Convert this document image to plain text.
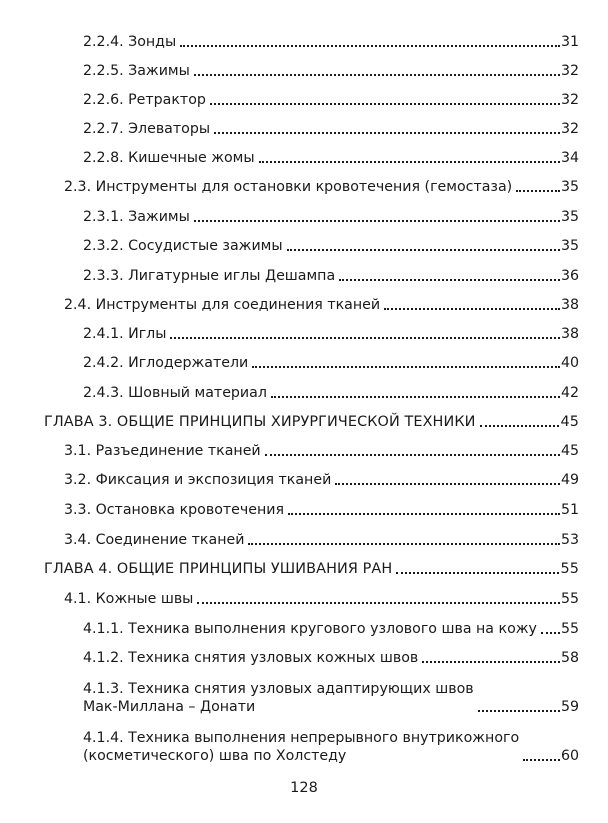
2.2.4. Зонды	31
2.2.5. Зажимы	32
2.2.6. Ретрактор	32
2.2.7. Элеваторы	32
2.2.8. Кишечные жомы	34
2.3. Инструменты для остановки кровотечения (гемостаза)	35
2.3.1. Зажимы	35
2.3.2. Сосудистые зажимы	35
2.3.3. Лигатурные иглы Дешампа	36
2.4. Инструменты для соединения тканей	38
2.4.1. Иглы	38
2.4.2. Иглодержатели	40
2.4.3. Шовный материал	42
ГЛАВА 3. ОБЩИЕ ПРИНЦИПЫ ХИРУРГИЧЕСКОЙ ТЕХНИКИ	45
3.1. Разъединение тканей	45
3.2. Фиксация и экспозиция тканей	49
3.3. Остановка кровотечения	51
3.4. Соединение тканей	53
ГЛАВА 4. ОБЩИЕ ПРИНЦИПЫ УШИВАНИЯ РАН	55
4.1. Кожные швы	55
4.1.1. Техника выполнения кругового узлового шва на кожу 55
4.1.2. Техника снятия узловых кожных швов	58
4.1.3. Техника снятия узловых адаптирующих швов
Мак-Миллана – Донати	59
4.1.4. Техника выполнения непрерывного внутрикожного
(косметического) шва по Холстеду	60
128
